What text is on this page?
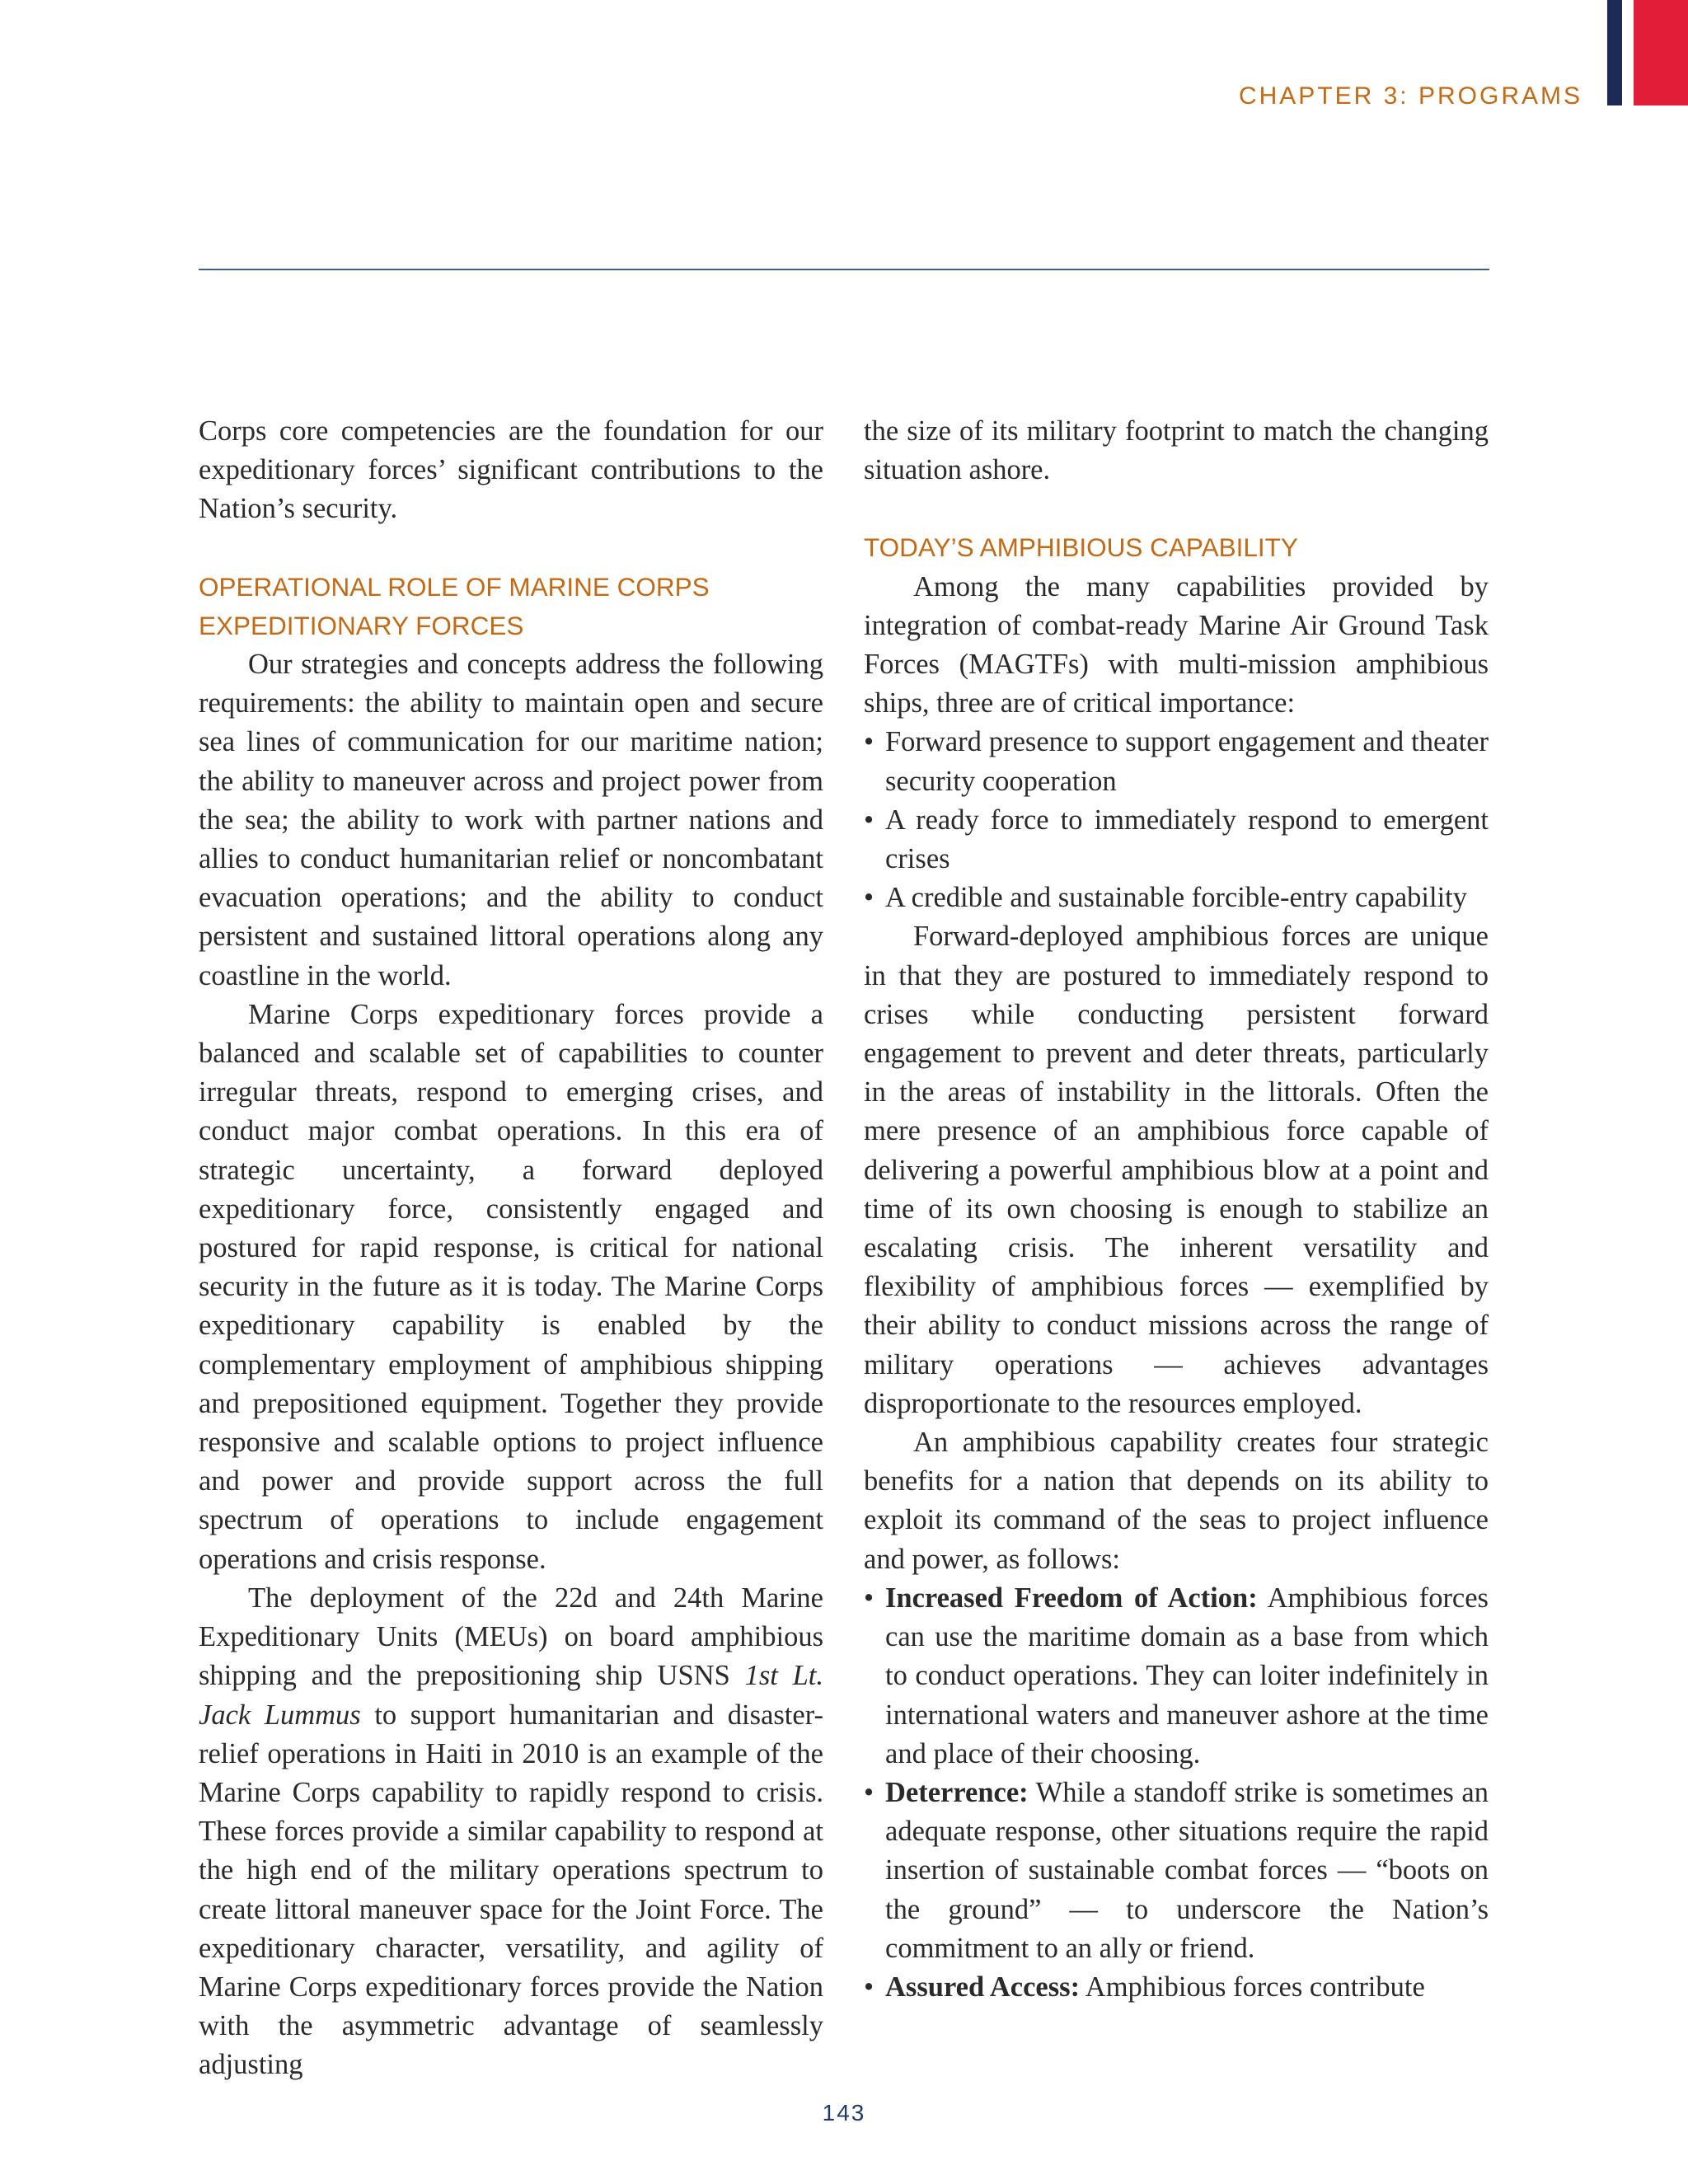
CHAPTER 3: PROGRAMS

Corps core competencies are the foundation for our expeditionary forces’ significant contributions to the Nation’s security.

OPERATIONAL ROLE OF MARINE CORPS
EXPEDITIONARY FORCES

Our strategies and concepts address the following requirements: the ability to maintain open and secure sea lines of communication for our maritime nation; the ability to maneuver across and project power from the sea; the ability to work with partner nations and allies to conduct humanitarian relief or noncombatant evacuation operations; and the ability to conduct persistent and sustained littoral operations along any coastline in the world.

Marine Corps expeditionary forces provide a balanced and scalable set of capabilities to counter irregular threats, respond to emerging crises, and conduct major combat operations. In this era of strategic uncertainty, a forward deployed expeditionary force, consistently engaged and postured for rapid response, is critical for national security in the future as it is today. The Marine Corps expeditionary capability is enabled by the complementary employment of amphibious shipping and prepositioned equipment. Together they provide responsive and scalable options to project influence and power and provide support across the full spectrum of operations to include engagement operations and crisis response.

The deployment of the 22d and 24th Marine Expeditionary Units (MEUs) on board amphibious shipping and the prepositioning ship USNS 1st Lt. Jack Lummus to support humanitarian and disaster-relief operations in Haiti in 2010 is an example of the Marine Corps capability to rapidly respond to crisis. These forces provide a similar capability to respond at the high end of the military operations spectrum to create littoral maneuver space for the Joint Force. The expeditionary character, versatility, and agility of Marine Corps expeditionary forces provide the Nation with the asymmetric advantage of seamlessly adjusting

the size of its military footprint to match the changing situation ashore.

TODAY’S AMPHIBIOUS CAPABILITY

Among the many capabilities provided by integration of combat-ready Marine Air Ground Task Forces (MAGTFs) with multi-mission amphibious ships, three are of critical importance:

• Forward presence to support engagement and theater security cooperation
• A ready force to immediately respond to emergent crises
• A credible and sustainable forcible-entry capability

Forward-deployed amphibious forces are unique in that they are postured to immediately respond to crises while conducting persistent forward engagement to prevent and deter threats, particularly in the areas of instability in the littorals. Often the mere presence of an amphibious force capable of delivering a powerful amphibious blow at a point and time of its own choosing is enough to stabilize an escalating crisis. The inherent versatility and flexibility of amphibious forces — exemplified by their ability to conduct missions across the range of military operations — achieves advantages disproportionate to the resources employed.

An amphibious capability creates four strategic benefits for a nation that depends on its ability to exploit its command of the seas to project influence and power, as follows:

• Increased Freedom of Action: Amphibious forces can use the maritime domain as a base from which to conduct operations. They can loiter indefinitely in international waters and maneuver ashore at the time and place of their choosing.
• Deterrence: While a standoff strike is sometimes an adequate response, other situations require the rapid insertion of sustainable combat forces — “boots on the ground” — to underscore the Nation’s commitment to an ally or friend.
• Assured Access: Amphibious forces contribute
143
